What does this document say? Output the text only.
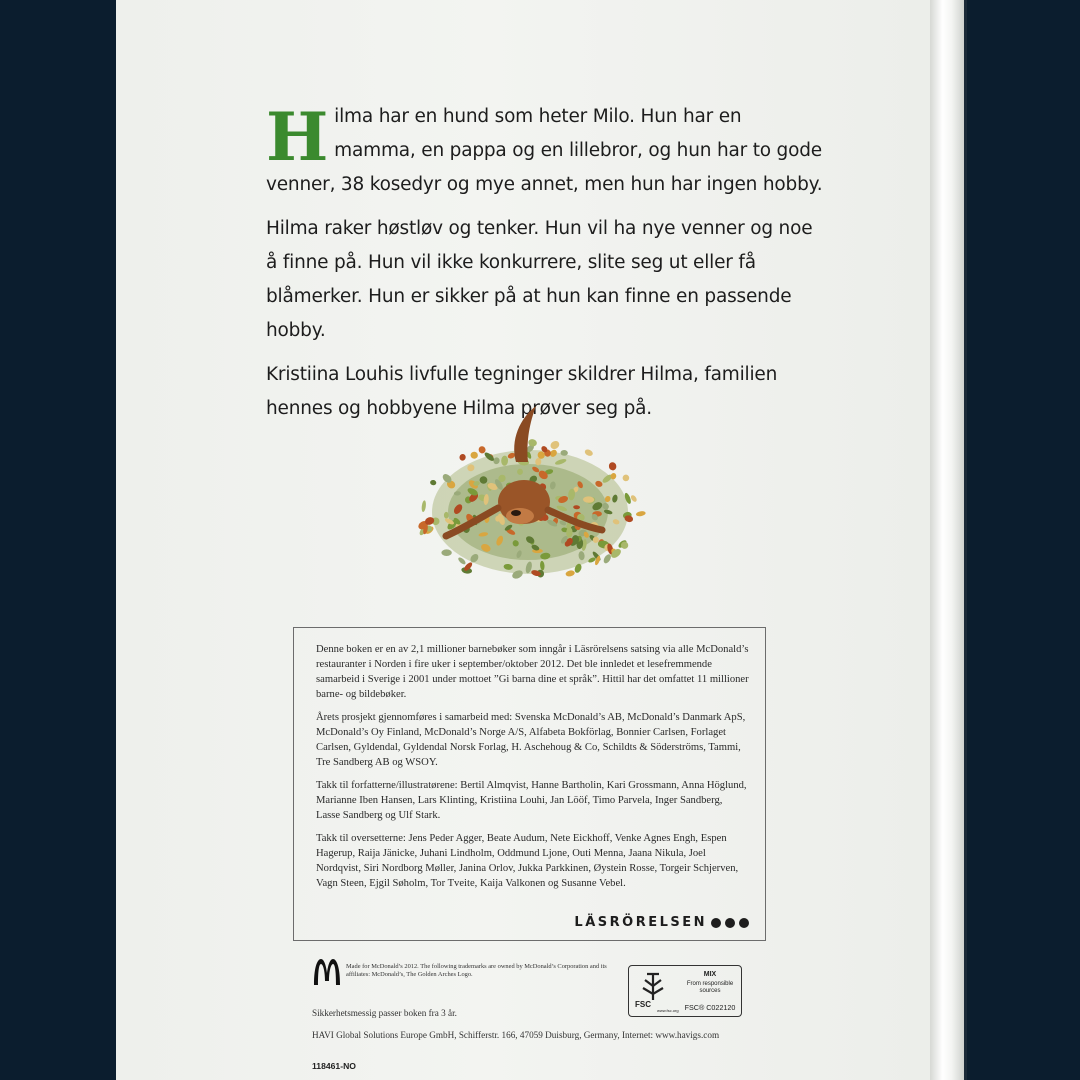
Hilma har en hund som heter Milo. Hun har en mamma, en pappa og en lillebror, og hun har to gode venner, 38 kosedyr og mye annet, men hun har ingen hobby.

Hilma raker høstløv og tenker. Hun vil ha nye venner og noe å finne på. Hun vil ikke konkurrere, slite seg ut eller få blåmerker. Hun er sikker på at hun kan finne en passende hobby.

Kristiina Louhis livfulle tegninger skildrer Hilma, familien hennes og hobbyene Hilma prøver seg på.

Denne boken er en av 2,1 millioner barnebøker som inngår i Läsrörelsens satsing via alle McDonald’s restauranter i Norden i fire uker i september/oktober 2012. Det ble innledet et lesefremmende samarbeid i Sverige i 2001 under mottoet ”Gi barna dine et språk”. Hittil har det omfattet 11 millioner barne- og bildebøker.

Årets prosjekt gjennomføres i samarbeid med: Svenska McDonald’s AB, McDonald’s Danmark ApS, McDonald’s Oy Finland, McDonald’s Norge A/S, Alfabeta Bokförlag, Bonnier Carlsen, Forlaget Carlsen, Gyldendal, Gyldendal Norsk Forlag, H. Aschehoug & Co, Schildts & Söderströms, Tammi, Tre Sandberg AB og WSOY.

Takk til forfatterne/illustratørene: Bertil Almqvist, Hanne Bartholin, Kari Grossmann, Anna Höglund, Marianne Iben Hansen, Lars Klinting, Kristiina Louhi, Jan Lööf, Timo Parvela, Inger Sandberg, Lasse Sandberg og Ulf Stark.

Takk til oversetterne: Jens Peder Agger, Beate Audum, Nete Eickhoff, Venke Agnes Engh, Espen Hagerup, Raija Jänicke, Juhani Lindholm, Oddmund Ljone, Outi Menna, Jaana Nikula, Joel Nordqvist, Siri Nordborg Møller, Janina Orlov, Jukka Parkkinen, Øystein Rosse, Torgeir Schjerven, Vagn Steen, Ejgil Søholm, Tor Tveite, Kaija Valkonen og Susanne Vebel.

LÄSRÖRELSEN
Made for McDonald’s 2012. The following trademarks are owned by McDonald’s Corporation and its affiliates: McDonald’s, The Golden Arches Logo.
FSC
www.fsc.org
MIX
From responsible sources
FSC® C022120
Sikkerhetsmessig passer boken fra 3 år.
HAVI Global Solutions Europe GmbH, Schifferstr. 166, 47059 Duisburg, Germany, Internet: www.havigs.com
118461-NO
